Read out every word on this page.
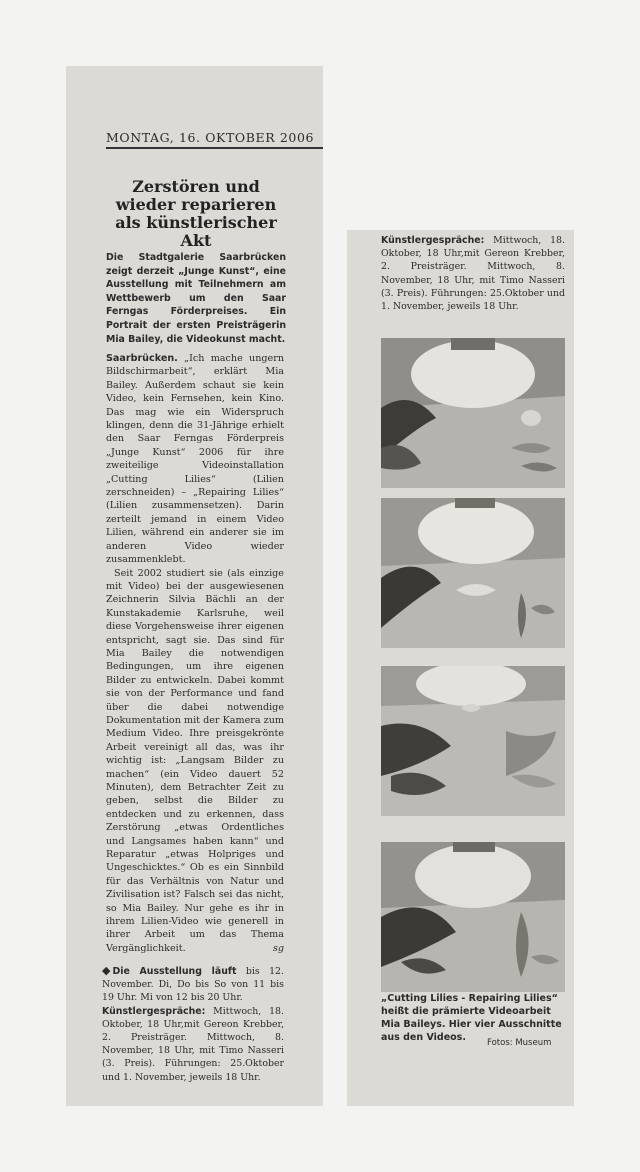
MONTAG, 16. OKTOBER 2006
Zerstören und wieder reparieren als künstlerischer Akt
Die Stadtgalerie Saarbrücken zeigt derzeit „Junge Kunst“, eine Ausstellung mit Teilnehmern am Wettbewerb um den Saar Ferngas Förderpreises. Ein Portrait der ersten Preisträgerin Mia Bailey, die Videokunst macht.

Saarbrücken. „Ich mache ungern Bildschirmarbeit“, erklärt Mia Bailey. Außerdem schaut sie kein Video, kein Fernsehen, kein Kino. Das mag wie ein Widerspruch klingen, denn die 31-Jährige erhielt den Saar Ferngas Förderpreis „Junge Kunst“ 2006 für ihre zweiteilige Videoinstallation „Cutting Lilies“ (Lilien zerschneiden) – „Repairing Lilies“ (Lilien zusammensetzen). Darin zerteilt jemand in einem Video Lilien, während ein anderer sie im anderen Video wieder zusammenklebt.

Seit 2002 studiert sie (als einzige mit Video) bei der ausgewiesenen Zeichnerin Silvia Bächli an der Kunstakademie Karlsruhe, weil diese Vorgehensweise ihrer eigenen entspricht, sagt sie. Das sind für Mia Bailey die notwendigen Bedingungen, um ihre eigenen Bilder zu entwickeln. Dabei kommt sie von der Performance und fand über die dabei notwendige Dokumentation mit der Kamera zum Medium Video. Ihre preisgekrönte Arbeit vereinigt all das, was ihr wichtig ist: „Langsam Bilder zu machen“ (ein Video dauert 52 Minuten), dem Betrachter Zeit zu geben, selbst die Bilder zu entdecken und zu erkennen, dass Zerstörung „etwas Ordentliches und Langsames haben kann“ und Reparatur „etwas Holpriges und Ungeschicktes.“ Ob es ein Sinnbild für das Verhältnis von Natur und Zivilisation ist? Falsch sei das nicht, so Mia Bailey. Nur gehe es ihr in ihrem Lilien-Video wie generell in ihrer Arbeit um das Thema Vergänglichkeit.	sg

◆ Die Ausstellung läuft bis 12. November. Di, Do bis So von 11 bis 19 Uhr. Mi von 12 bis 20 Uhr.
Künstlergespräche: Mittwoch, 18. Oktober, 18 Uhr,mit Gereon Krebber, 2. Preisträger. Mittwoch, 8. November, 18 Uhr, mit Timo Nasseri (3. Preis). Führungen: 25.Oktober und 1. November, jeweils 18 Uhr.
Künstlergespräche: Mittwoch, 18. Oktober, 18 Uhr,mit Gereon Krebber, 2. Preisträger. Mittwoch, 8. November, 18 Uhr, mit Timo Nasseri (3. Preis). Führungen: 25.Oktober und 1. November, jeweils 18 Uhr.
„Cutting Lilies - Repairing Lilies“ heißt die prämierte Videoarbeit Mia Baileys. Hier vier Ausschnitte aus den Videos.	Fotos: Museum
